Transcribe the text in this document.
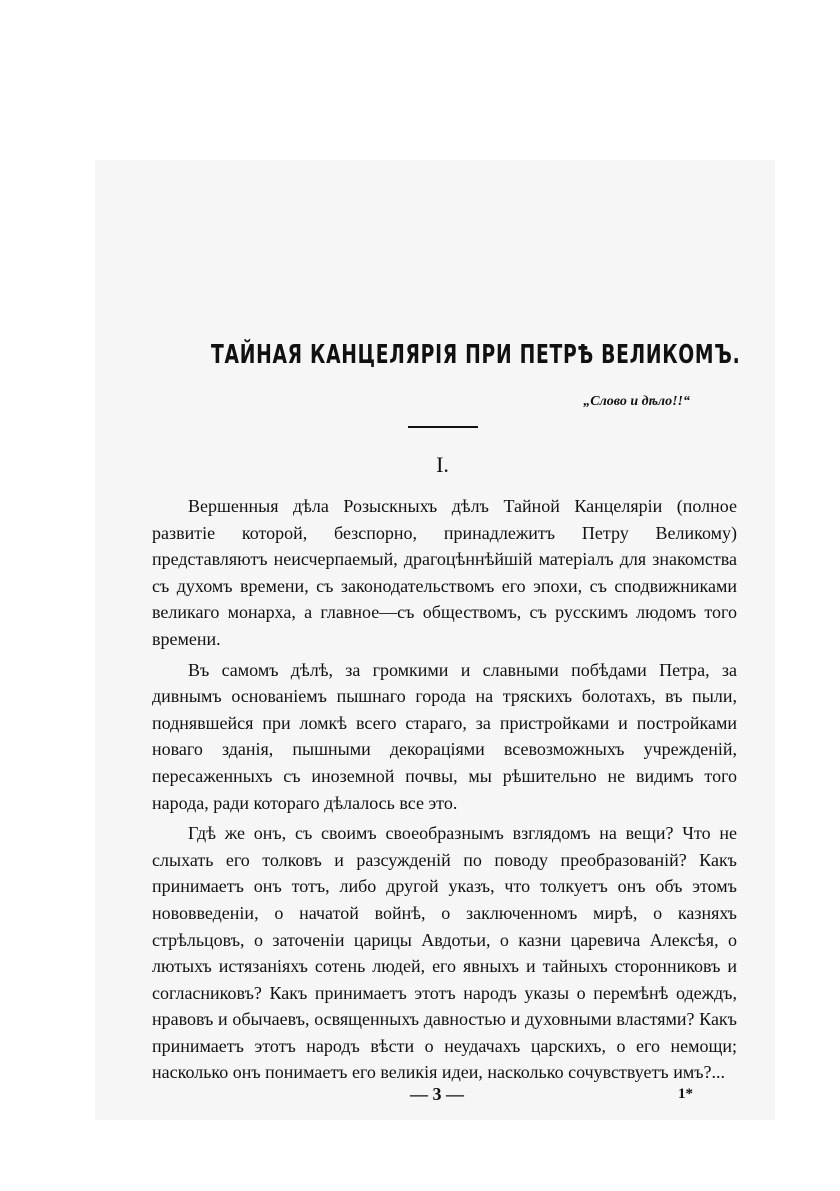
ТАЙНАЯ КАНЦЕЛЯРІЯ ПРИ ПЕТРѢ ВЕЛИКОМЪ.
„Слово и дѣло!!“
I.

Вершенныя дѣла Розыскныхъ дѣлъ Тайной Канцеляріи (полное развитіе которой, безспорно, принадлежитъ Петру Великому) представляютъ неисчерпаемый, драгоцѣннѣйшій матеріалъ для знакомства съ духомъ времени, съ законодательствомъ его эпохи, съ сподвижниками великаго монарха, а главное—съ обществомъ, съ русскимъ людомъ того времени.

Въ самомъ дѣлѣ, за громкими и славными побѣдами Петра, за дивнымъ основаніемъ пышнаго города на тряскихъ болотахъ, въ пыли, поднявшейся при ломкѣ всего стараго, за пристройками и постройками новаго зданія, пышными декораціями всевозможныхъ учрежденій, пересаженныхъ съ иноземной почвы, мы рѣшительно не видимъ того народа, ради котораго дѣлалось все это.

Гдѣ же онъ, съ своимъ своеобразнымъ взглядомъ на вещи? Что не слыхать его толковъ и разсужденій по поводу преобразованій? Какъ принимаетъ онъ тотъ, либо другой указъ, что толкуетъ онъ объ этомъ нововведеніи, о начатой войнѣ, о заключенномъ мирѣ, о казняхъ стрѣльцовъ, о заточеніи царицы Авдотьи, о казни царевича Алексѣя, о лютыхъ истязаніяхъ сотень людей, его явныхъ и тайныхъ сторонниковъ и согласниковъ? Какъ принимаетъ этотъ народъ указы о перемѣнѣ одеждъ, нравовъ и обычаевъ, освященныхъ давностью и духовными властями? Какъ принимаетъ этотъ народъ вѣсти о неудачахъ царскихъ, о его немощи; насколько онъ понимаетъ его великія идеи, насколько сочувствуетъ имъ?...

— 3 —	1*
